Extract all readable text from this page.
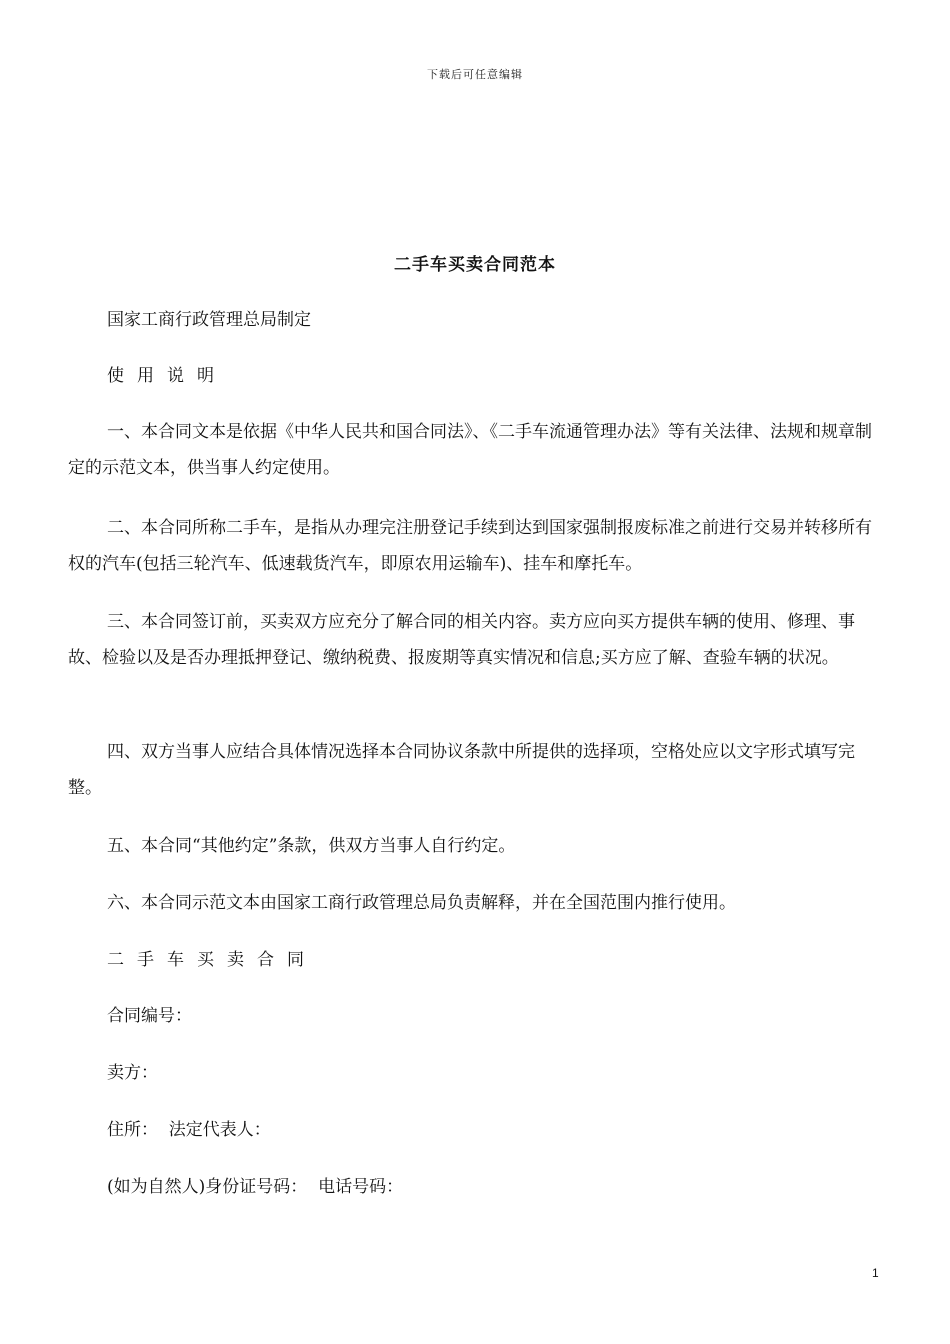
下载后可任意编辑
二手车买卖合同范本
国家工商行政管理总局制定
使用说明
一、本合同文本是依据《中华人民共和国合同法》、《二手车流通管理办法》等有关法律、法规和规章制定的示范文本，供当事人约定使用。
二、本合同所称二手车，是指从办理完注册登记手续到达到国家强制报废标准之前进行交易并转移所有权的汽车(包括三轮汽车、低速载货汽车，即原农用运输车)、挂车和摩托车。
三、本合同签订前，买卖双方应充分了解合同的相关内容。卖方应向买方提供车辆的使用、修理、事故、检验以及是否办理抵押登记、缴纳税费、报废期等真实情况和信息;买方应了解、查验车辆的状况。
四、双方当事人应结合具体情况选择本合同协议条款中所提供的选择项，空格处应以文字形式填写完整。
五、本合同“其他约定”条款，供双方当事人自行约定。
六、本合同示范文本由国家工商行政管理总局负责解释，并在全国范围内推行使用。
二手车买卖合同
合同编号：
卖方：
住所：  法定代表人：
(如为自然人)身份证号码：  电话号码：
1
